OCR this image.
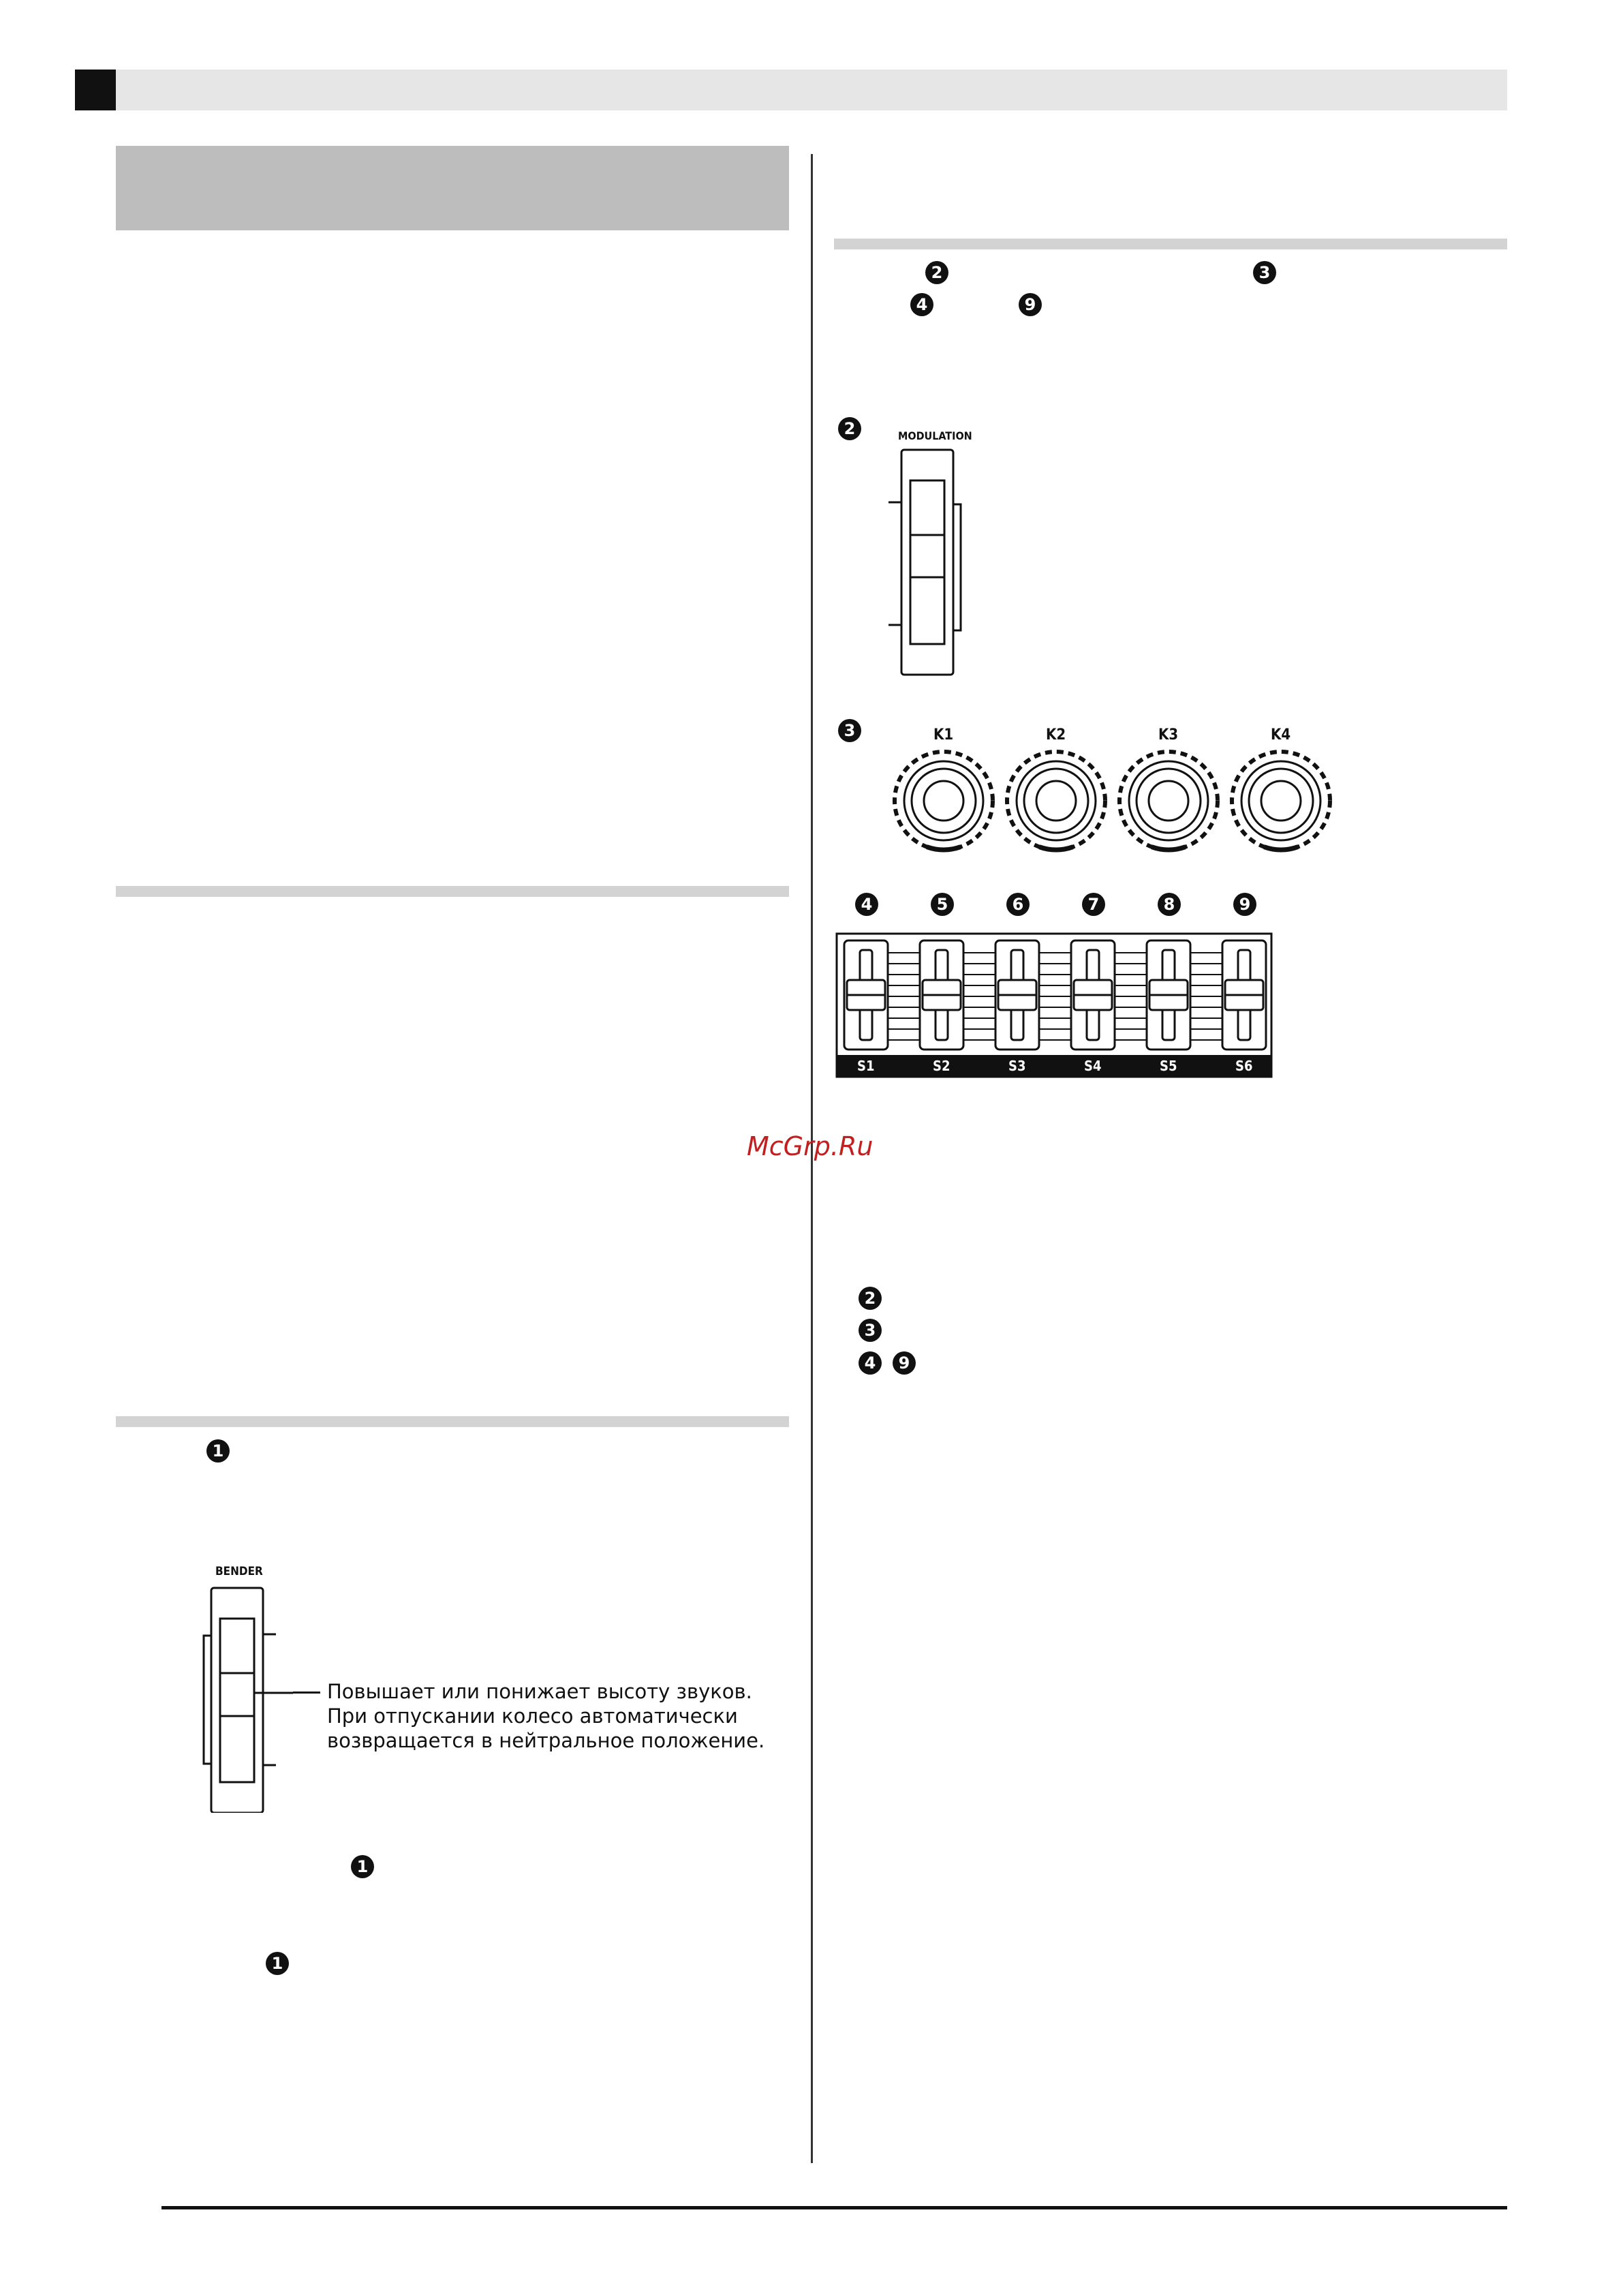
2	3
4	9
2	MODULATION
3	K1	K2	K3	K4
4	5	6	7	8	9
S1	S2	S3	S4	S5	S6
McGrp.Ru
2
3
4	9
1
BENDER
Повышает или понижает высоту звуков.
При отпускании колесо автоматически
возвращается в нейтральное положение.
1
1
